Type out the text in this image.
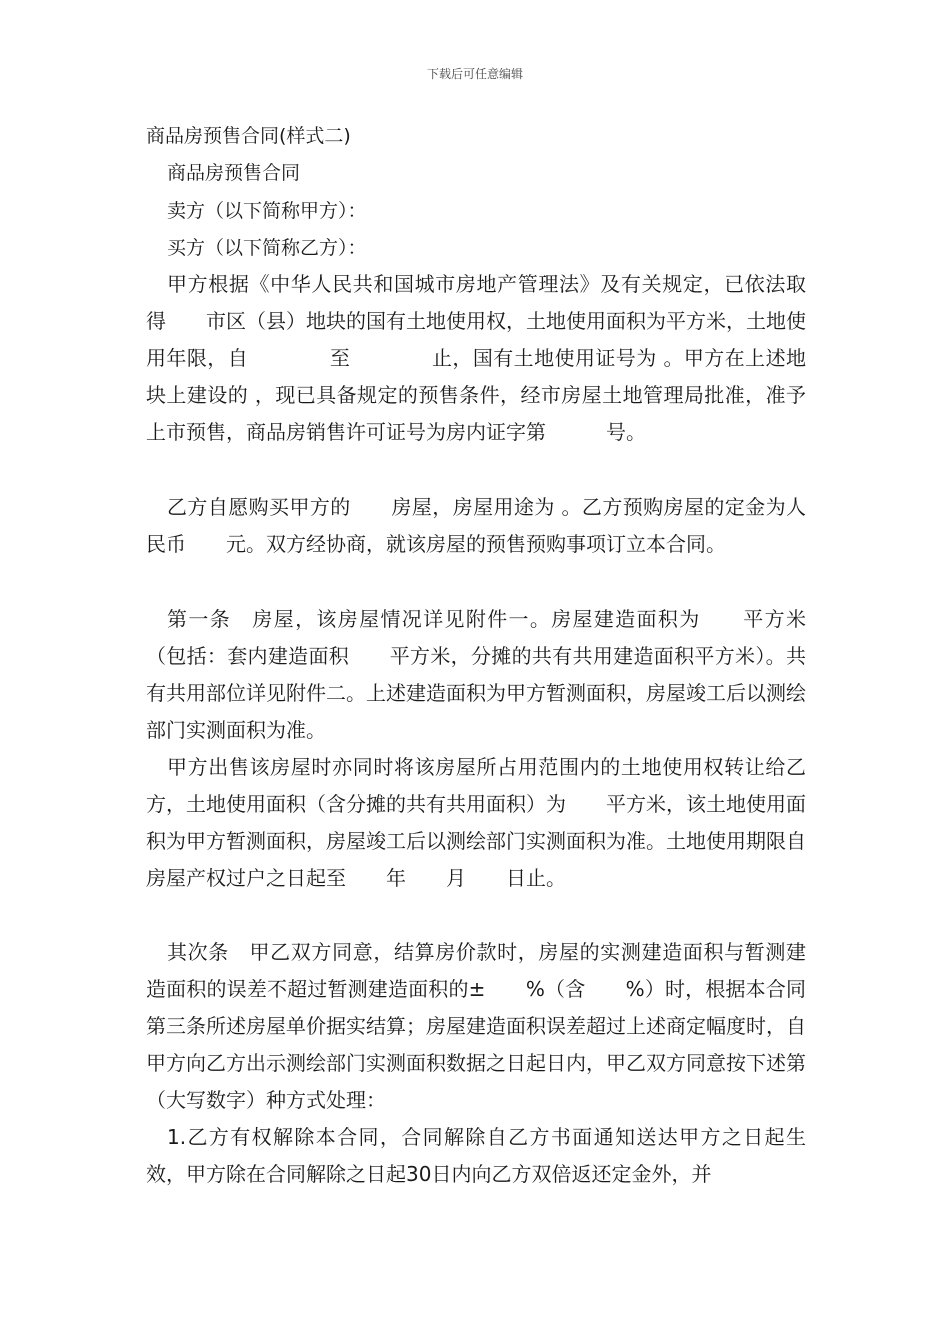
下载后可任意编辑
商品房预售合同(样式二)
商品房预售合同
卖方（以下简称甲方）：
买方（以下简称乙方）：

甲方根据《中华人民共和国城市房地产管理法》及有关规定，已依法取得　　市区（县）地块的国有土地使用权，土地使用面积为平方米，土地使用年限，自　　　　至　　　　止，国有土地使用证号为 。甲方在上述地块上建设的 ，现已具备规定的预售条件，经市房屋土地管理局批准，准予上市预售，商品房销售许可证号为房内证字第　　　号。

乙方自愿购买甲方的　　房屋，房屋用途为 。乙方预购房屋的定金为人民币　　元。双方经协商，就该房屋的预售预购事项订立本合同。

第一条　房屋，该房屋情况详见附件一。房屋建造面积为　　平方米（包括：套内建造面积　　平方米，分摊的共有共用建造面积平方米）。共有共用部位详见附件二。上述建造面积为甲方暂测面积，房屋竣工后以测绘部门实测面积为准。

甲方出售该房屋时亦同时将该房屋所占用范围内的土地使用权转让给乙方，土地使用面积（含分摊的共有共用面积）为　　平方米，该土地使用面积为甲方暂测面积，房屋竣工后以测绘部门实测面积为准。土地使用期限自房屋产权过户之日起至　　年　　月　　日止。

其次条　甲乙双方同意，结算房价款时，房屋的实测建造面积与暂测建造面积的误差不超过暂测建造面积的±　　%（含　　%）时，根据本合同第三条所述房屋单价据实结算；房屋建造面积误差超过上述商定幅度时，自甲方向乙方出示测绘部门实测面积数据之日起日内，甲乙双方同意按下述第　　（大写数字）种方式处理：

1.乙方有权解除本合同，合同解除自乙方书面通知送达甲方之日起生效，甲方除在合同解除之日起30日内向乙方双倍返还定金外，并
